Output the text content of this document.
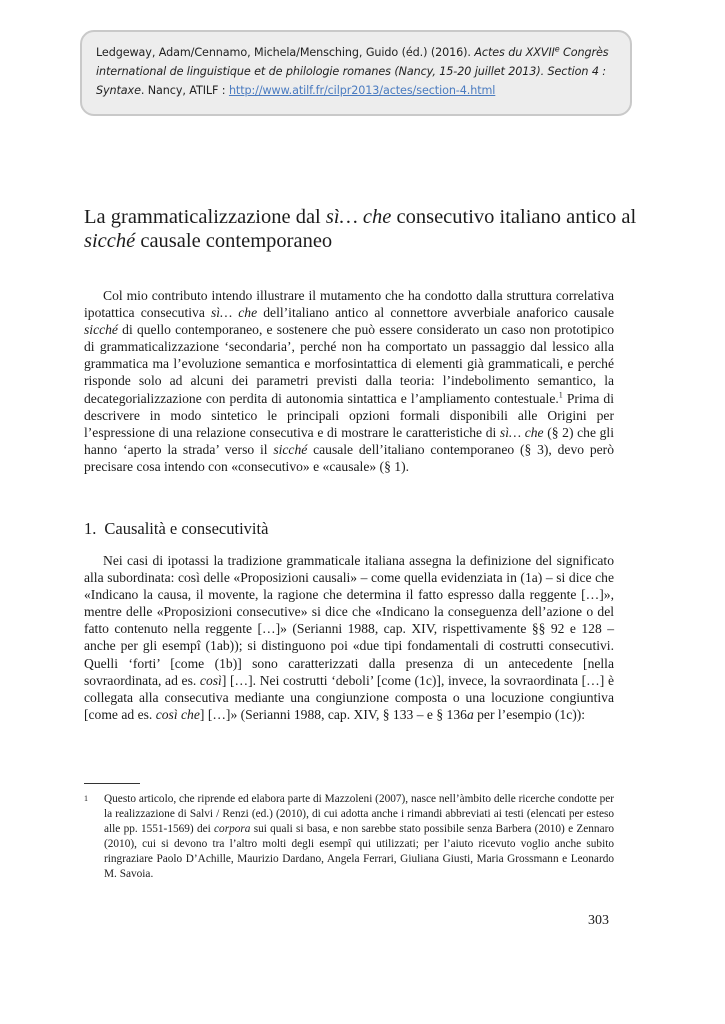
Ledgeway, Adam/Cennamo, Michela/Mensching, Guido (éd.) (2016). Actes du XXVIIe Congrès international de linguistique et de philologie romanes (Nancy, 15-20 juillet 2013). Section 4 : Syntaxe. Nancy, ATILF : http://www.atilf.fr/cilpr2013/actes/section-4.html
La grammaticalizzazione dal sì… che consecutivo italiano antico al sicché causale contemporaneo

Col mio contributo intendo illustrare il mutamento che ha condotto dalla struttura correlativa ipotattica consecutiva sì… che dell’italiano antico al connettore avverbiale anaforico causale sicché di quello contemporaneo, e sostenere che può essere considerato un caso non prototipico di grammaticalizzazione ‘secondaria’, perché non ha comportato un passaggio dal lessico alla grammatica ma l’evoluzione semantica e morfosintattica di elementi già grammaticali, e perché risponde solo ad alcuni dei parametri previsti dalla teoria: l’indebolimento semantico, la decategorializzazione con perdita di autonomia sintattica e l’ampliamento contestuale.$^1$ Prima di descrivere in modo sintetico le principali opzioni formali disponibili alle Origini per l’espressione di una relazione consecutiva e di mostrare le caratteristiche di sì… che (§ 2) che gli hanno ‘aperto la strada’ verso il sicché causale dell’italiano contemporaneo (§ 3), devo però precisare cosa intendo con «consecutivo» e «causale» (§ 1).

1. Causalità e consecutività

Nei casi di ipotassi la tradizione grammaticale italiana assegna la definizione del significato alla subordinata: così delle «Proposizioni causali» – come quella evidenziata in (1a) – si dice che «Indicano la causa, il movente, la ragione che determina il fatto espresso dalla reggente […]», mentre delle «Proposizioni consecutive» si dice che «Indicano la conseguenza dell’azione o del fatto contenuto nella reggente […]» (Serianni 1988, cap. XIV, rispettivamente §§ 92 e 128 – anche per gli esempî (1ab)); si distinguono poi «due tipi fondamentali di costrutti consecutivi. Quelli ‘forti’ [come (1b)] sono caratterizzati dalla presenza di un antecedente [nella sovraordinata, ad es. così] […]. Nei costrutti ‘deboli’ [come (1c)], invece, la sovraordinata […] è collegata alla consecutiva mediante una congiunzione composta o una locuzione congiuntiva [come ad es. così che] […]» (Serianni 1988, cap. XIV, § 133 – e § 136a per l’esempio (1c)):

1 Questo articolo, che riprende ed elabora parte di Mazzoleni (2007), nasce nell’àmbito delle ricerche condotte per la realizzazione di Salvi / Renzi (ed.) (2010), di cui adotta anche i rimandi abbreviati ai testi (elencati per esteso alle pp. 1551-1569) dei corpora sui quali si basa, e non sarebbe stato possibile senza Barbera (2010) e Zennaro (2010), cui si devono tra l’altro molti degli esempî qui utilizzati; per l’aiuto ricevuto voglio anche subito ringraziare Paolo D’Achille, Maurizio Dardano, Angela Ferrari, Giuliana Giusti, Maria Grossmann e Leonardo M. Savoia.
303
